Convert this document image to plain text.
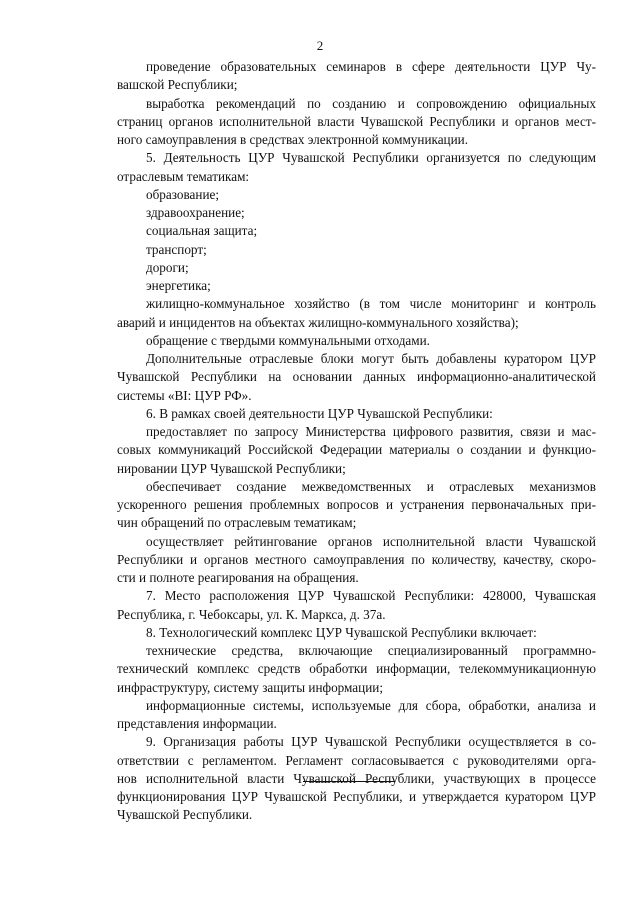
2
проведение образовательных семинаров в сфере деятельности ЦУР Чу-
вашской Республики;
выработка рекомендаций по созданию и сопровождению официальных
страниц органов исполнительной власти Чувашской Республики и органов мест-
ного самоуправления в средствах электронной коммуникации.
5. Деятельность ЦУР Чувашской Республики организуется по следующим
отраслевым тематикам:
образование;
здравоохранение;
социальная защита;
транспорт;
дороги;
энергетика;
жилищно-коммунальное хозяйство (в том числе мониторинг и контроль
аварий и инцидентов на объектах жилищно-коммунального хозяйства);
обращение с твердыми коммунальными отходами.
Дополнительные отраслевые блоки могут быть добавлены куратором ЦУР
Чувашской Республики на основании данных информационно-аналитической
системы «BI: ЦУР РФ».
6. В рамках своей деятельности ЦУР Чувашской Республики:
предоставляет по запросу Министерства цифрового развития, связи и мас-
совых коммуникаций Российской Федерации материалы о создании и функцио-
нировании ЦУР Чувашской Республики;
обеспечивает создание межведомственных и отраслевых механизмов
ускоренного решения проблемных вопросов и устранения первоначальных при-
чин обращений по отраслевым тематикам;
осуществляет рейтингование органов исполнительной власти Чувашской
Республики и органов местного самоуправления по количеству, качеству, скоро-
сти и полноте реагирования на обращения.
7. Место расположения ЦУР Чувашской Республики: 428000, Чувашская
Республика, г. Чебоксары, ул. К. Маркса, д. 37а.
8. Технологический комплекс ЦУР Чувашской Республики включает:
технические средства, включающие специализированный программно-
технический комплекс средств обработки информации, телекоммуникационную
инфраструктуру, систему защиты информации;
информационные системы, используемые для сбора, обработки, анализа и
представления информации.
9. Организация работы ЦУР Чувашской Республики осуществляется в со-
ответствии с регламентом. Регламент согласовывается с руководителями орга-
нов исполнительной власти Чувашской Республики, участвующих в процессе
функционирования ЦУР Чувашской Республики, и утверждается куратором ЦУР
Чувашской Республики.
